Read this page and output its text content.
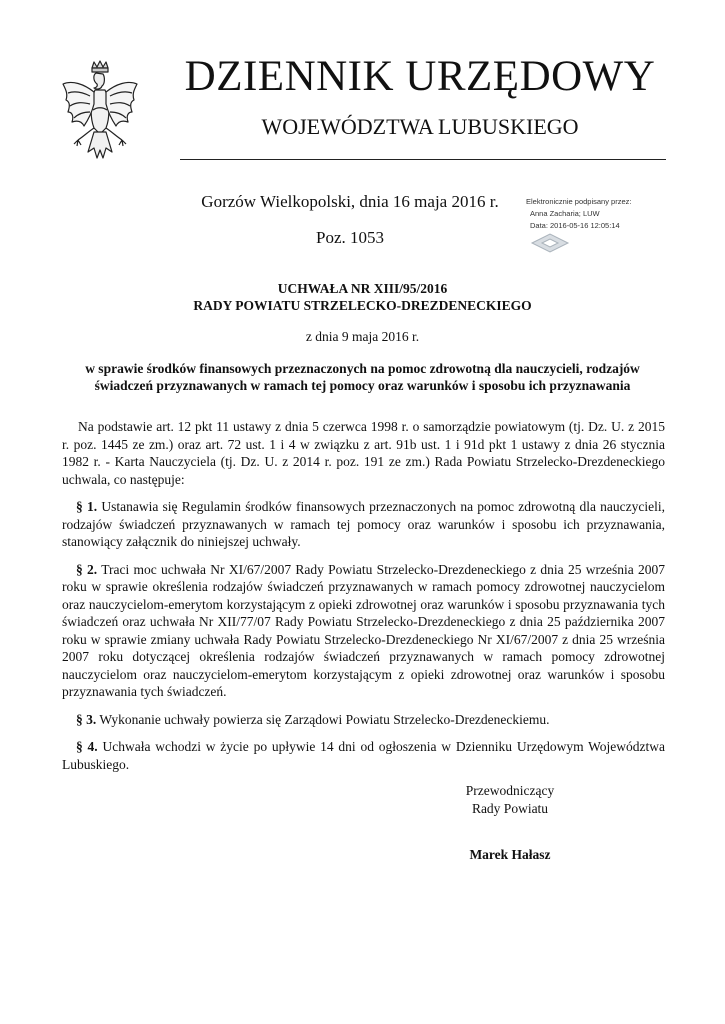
DZIENNIK URZĘDOWY
WOJEWÓDZTWA LUBUSKIEGO
Gorzów Wielkopolski, dnia 16 maja 2016 r.
Poz. 1053
Elektronicznie podpisany przez:
Anna Zacharia; LUW
Data: 2016-05-16 12:05:14
UCHWAŁA NR XIII/95/2016
RADY POWIATU STRZELECKO-DREZDENECKIEGO
z dnia 9 maja 2016 r.
w sprawie środków finansowych przeznaczonych na pomoc zdrowotną dla nauczycieli, rodzajów
świadczeń przyznawanych w ramach tej pomocy oraz warunków i sposobu ich przyznawania

Na podstawie art. 12 pkt 11 ustawy z dnia 5 czerwca 1998 r. o samorządzie powiatowym (tj. Dz. U. z 2015 r. poz. 1445 ze zm.) oraz art. 72 ust. 1 i 4 w związku z art. 91b ust. 1 i 91d pkt 1 ustawy z dnia 26 stycznia 1982 r. - Karta Nauczyciela (tj. Dz. U. z 2014 r. poz. 191 ze zm.) Rada Powiatu Strzelecko-Drezdeneckiego uchwala, co następuje:

§ 1. Ustanawia się Regulamin środków finansowych przeznaczonych na pomoc zdrowotną dla nauczycieli, rodzajów świadczeń przyznawanych w ramach tej pomocy oraz warunków i sposobu ich przyznawania, stanowiący załącznik do niniejszej uchwały.

§ 2. Traci moc uchwała Nr XI/67/2007 Rady Powiatu Strzelecko-Drezdeneckiego z dnia 25 września 2007 roku w sprawie określenia rodzajów świadczeń przyznawanych w ramach pomocy zdrowotnej nauczycielom oraz nauczycielom-emerytom korzystającym z opieki zdrowotnej oraz warunków i sposobu przyznawania tych świadczeń oraz uchwała Nr XII/77/07 Rady Powiatu Strzelecko-Drezdeneckiego z dnia 25 października 2007 roku w sprawie zmiany uchwała Rady Powiatu Strzelecko-Drezdeneckiego Nr XI/67/2007 z dnia 25 września 2007 roku dotyczącej określenia rodzajów świadczeń przyznawanych w ramach pomocy zdrowotnej nauczycielom oraz nauczycielom-emerytom korzystającym z opieki zdrowotnej oraz warunków i sposobu przyznawania tych świadczeń.

§ 3. Wykonanie uchwały powierza się Zarządowi Powiatu Strzelecko-Drezdeneckiemu.

§ 4. Uchwała wchodzi w życie po upływie 14 dni od ogłoszenia w Dzienniku Urzędowym Województwa Lubuskiego.

Przewodniczący
Rady Powiatu
Marek Hałasz
